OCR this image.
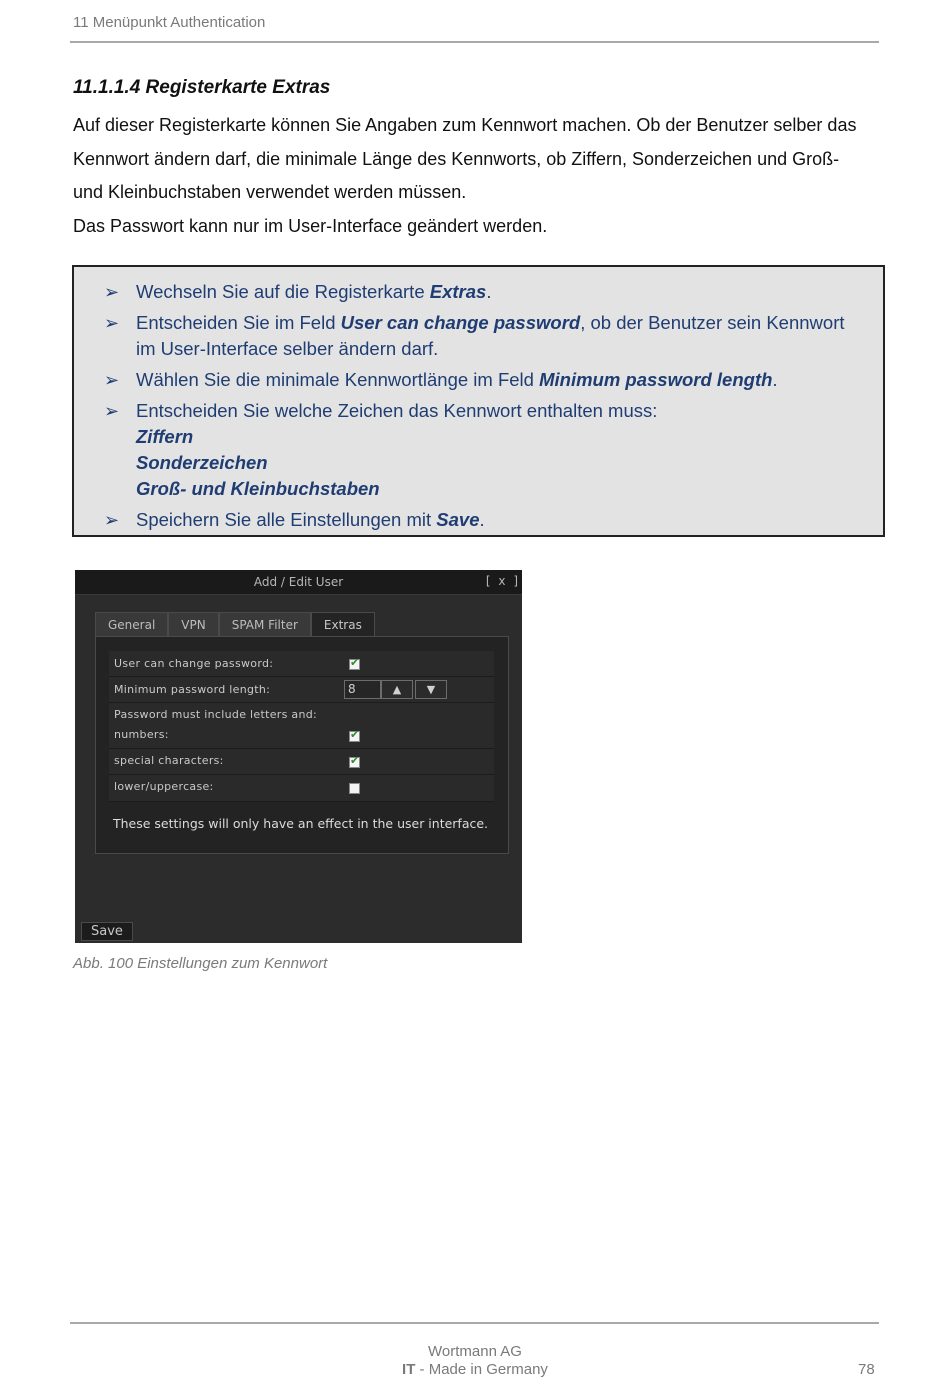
11 Menüpunkt Authentication
11.1.1.4 Registerkarte Extras

Auf dieser Registerkarte können Sie Angaben zum Kennwort machen. Ob der Benutzer selber das Kennwort ändern darf, die minimale Länge des Kennworts, ob Ziffern, Sonderzeichen und Groß- und Kleinbuchstaben verwendet werden müssen.

Das Passwort kann nur im User-Interface geändert werden.

➢ Wechseln Sie auf die Registerkarte Extras.
➢ Entscheiden Sie im Feld User can change password, ob der Benutzer sein Kennwort im User-Interface selber ändern darf.
➢ Wählen Sie die minimale Kennwortlänge im Feld Minimum password length.
➢ Entscheiden Sie welche Zeichen das Kennwort enthalten muss:
Ziffern
Sonderzeichen
Groß- und Kleinbuchstaben
➢ Speichern Sie alle Einstellungen mit Save.
Add / Edit User	[ x ]
General	VPN	SPAM Filter	Extras
User can change password:	✔
Minimum password length:	8	▲	▼
Password must include letters and:
numbers:	✔
special characters:	✔
lower/uppercase:
These settings will only have an effect in the user interface.
Save
Abb. 100 Einstellungen zum Kennwort
Wortmann AG
IT - Made in Germany	78
